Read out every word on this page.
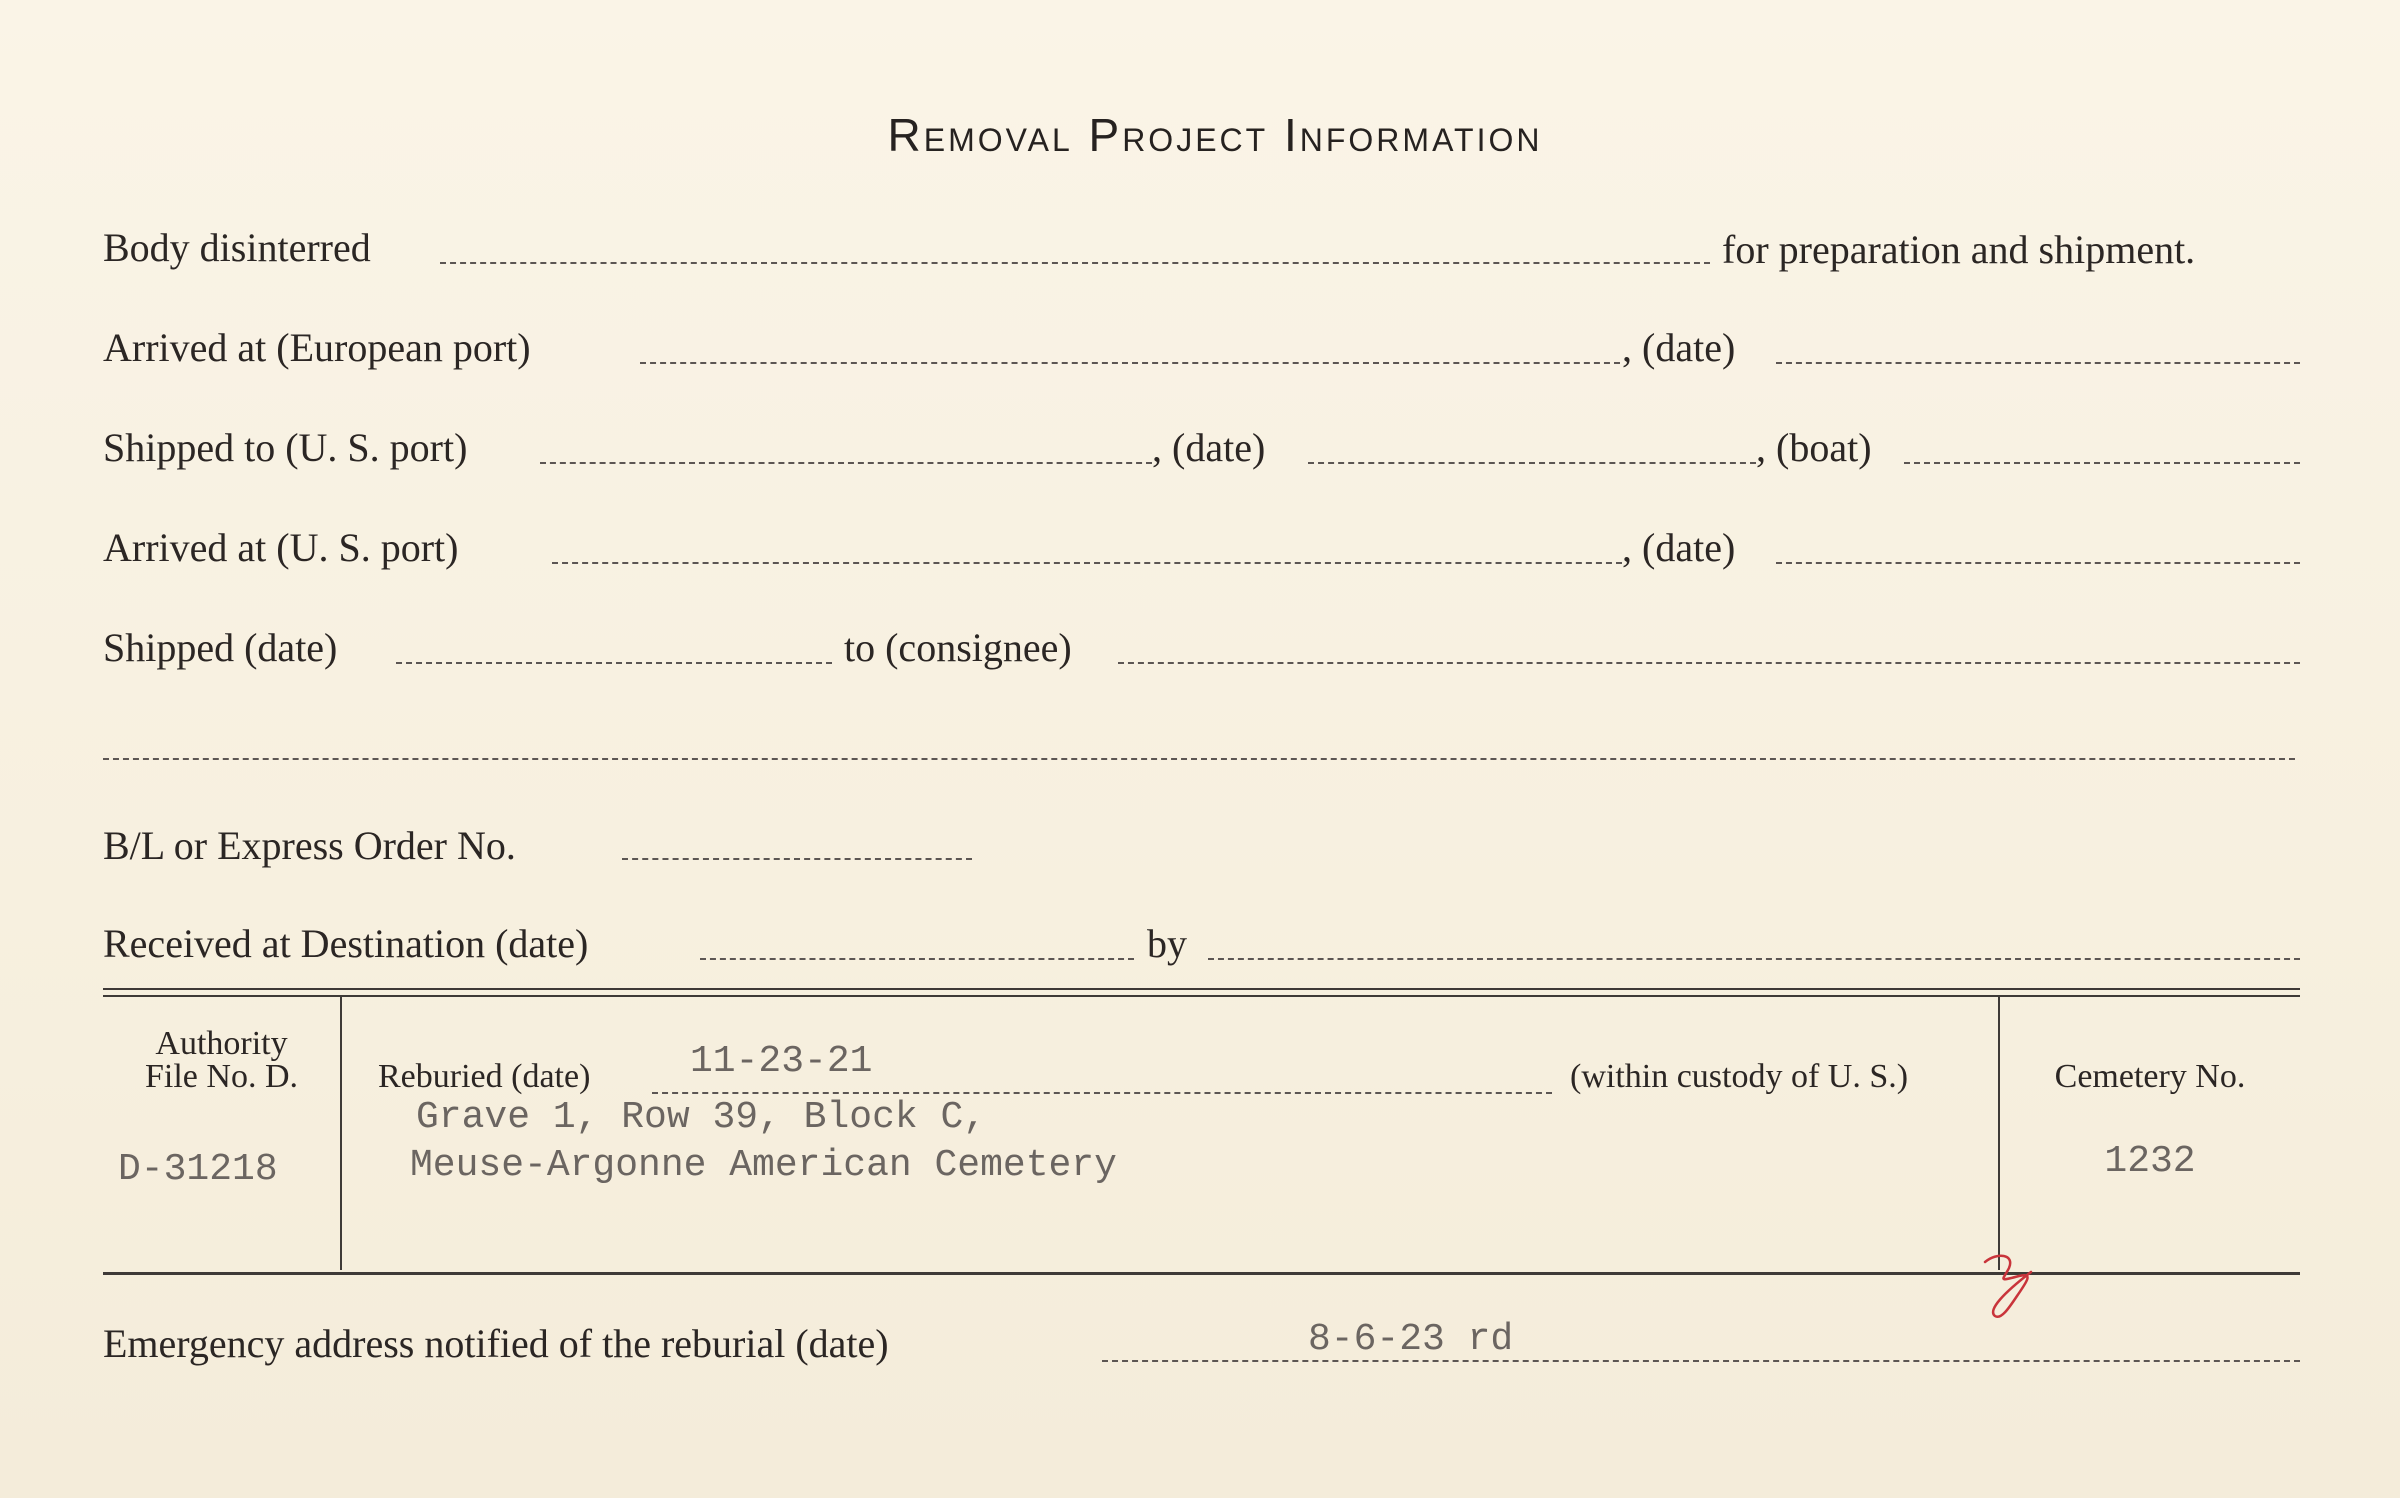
Removal Project Information
Body disinterred	for preparation and shipment.
Arrived at (European port)	, (date)
Shipped to (U. S. port)	, (date)	, (boat)
Arrived at (U. S. port)	, (date)
Shipped (date)	to (consignee)
B/L or Express Order No.
Received at Destination (date)	by
Authority
File No. D.
D-31218
Reburied (date)	11-23-21	(within custody of U. S.)
Grave 1, Row 39, Block C,
Meuse-Argonne American Cemetery
Cemetery No.
1232
Emergency address notified of the reburial (date)	8-6-23 rd
